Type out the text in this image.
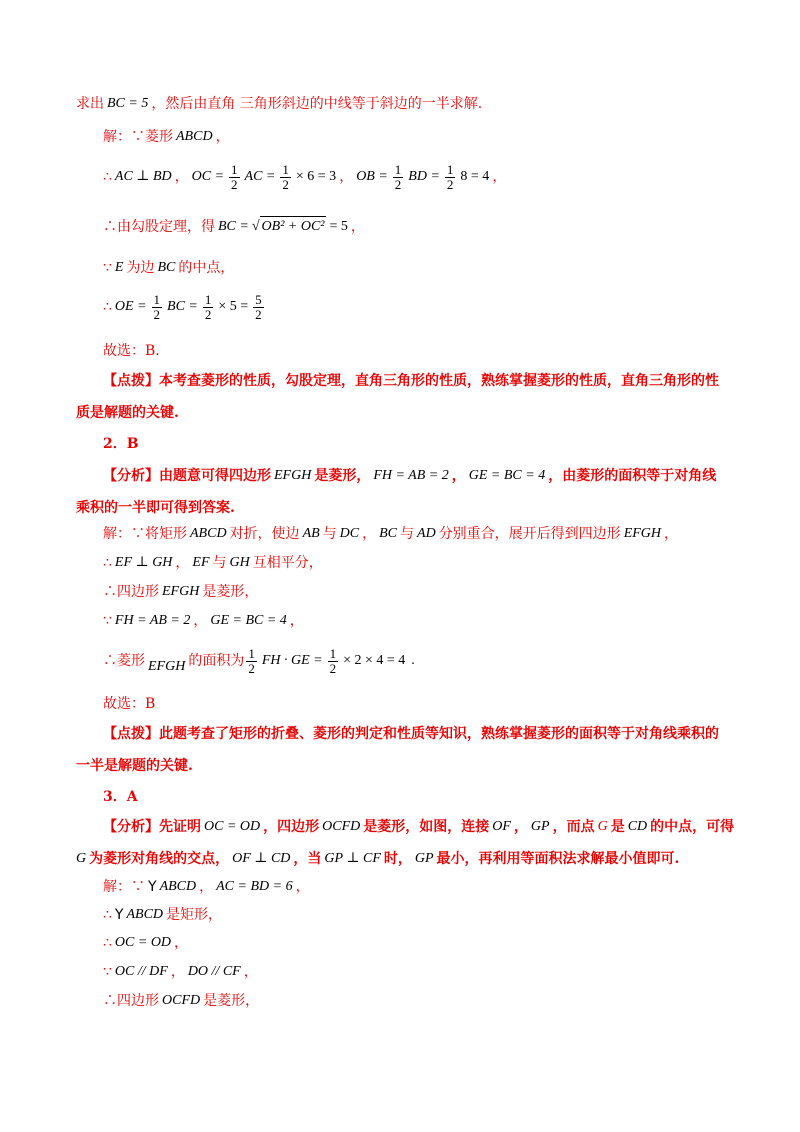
求出 BC = 5 ，然后由直角 三角形斜边的中线等于斜边的一半求解.
解：∵菱形 ABCD ，
∴ AC ⊥ BD ， OC = $\frac{1}{2}$ AC = $\frac{1}{2} \times 6 = 3$ ， OB = $\frac{1}{2}$ BD = $\frac{1}{2} 8 = 4$ ，
∴由勾股定理，得 BC = √ OB² + OC² = 5 ，
∵ E 为边 BC 的中点，
∴ OE = $\frac{1}{2}$ BC = $\frac{1}{2} \times 5 = \frac{5}{2}$
故选：B.
【点拨】本考查菱形的性质，勾股定理，直角三角形的性质，熟练掌握菱形的性质，直角三角形的性
质是解题的关键.
2．B
【分析】由题意可得四边形 EFGH 是菱形， FH = AB = 2 ， GE = BC = 4 ，由菱形的面积等于对角线
乘积的一半即可得到答案.
解：∵将矩形 ABCD 对折，使边 AB 与 DC ， BC 与 AD 分别重合，展开后得到四边形 EFGH ，
∴ EF ⊥ GH ， EF 与 GH 互相平分，
∴四边形 EFGH 是菱形，
∵ FH = AB = 2 ， GE = BC = 4 ，
∴菱形 EFGH 的面积为 $\frac{1}{2}$ FH · GE = $\frac{1}{2} \times 2 \times 4 = 4$ .
故选：B
【点拨】此题考查了矩形的折叠、菱形的判定和性质等知识，熟练掌握菱形的面积等于对角线乘积的
一半是解题的关键.
3．A
【分析】先证明 OC = OD ，四边形 OCFD 是菱形，如图，连接 OF ， GP ，而点 G 是 CD 的中点，可得
G 为菱形对角线的交点， OF ⊥ CD ，当 GP ⊥ CF 时， GP 最小，再利用等面积法求解最小值即可.
解：∵ Y ABCD ， AC = BD = 6 ，
∴ Y ABCD 是矩形，
∴ OC = OD ，
∵ OC // DF ， DO // CF ，
∴四边形 OCFD 是菱形，
